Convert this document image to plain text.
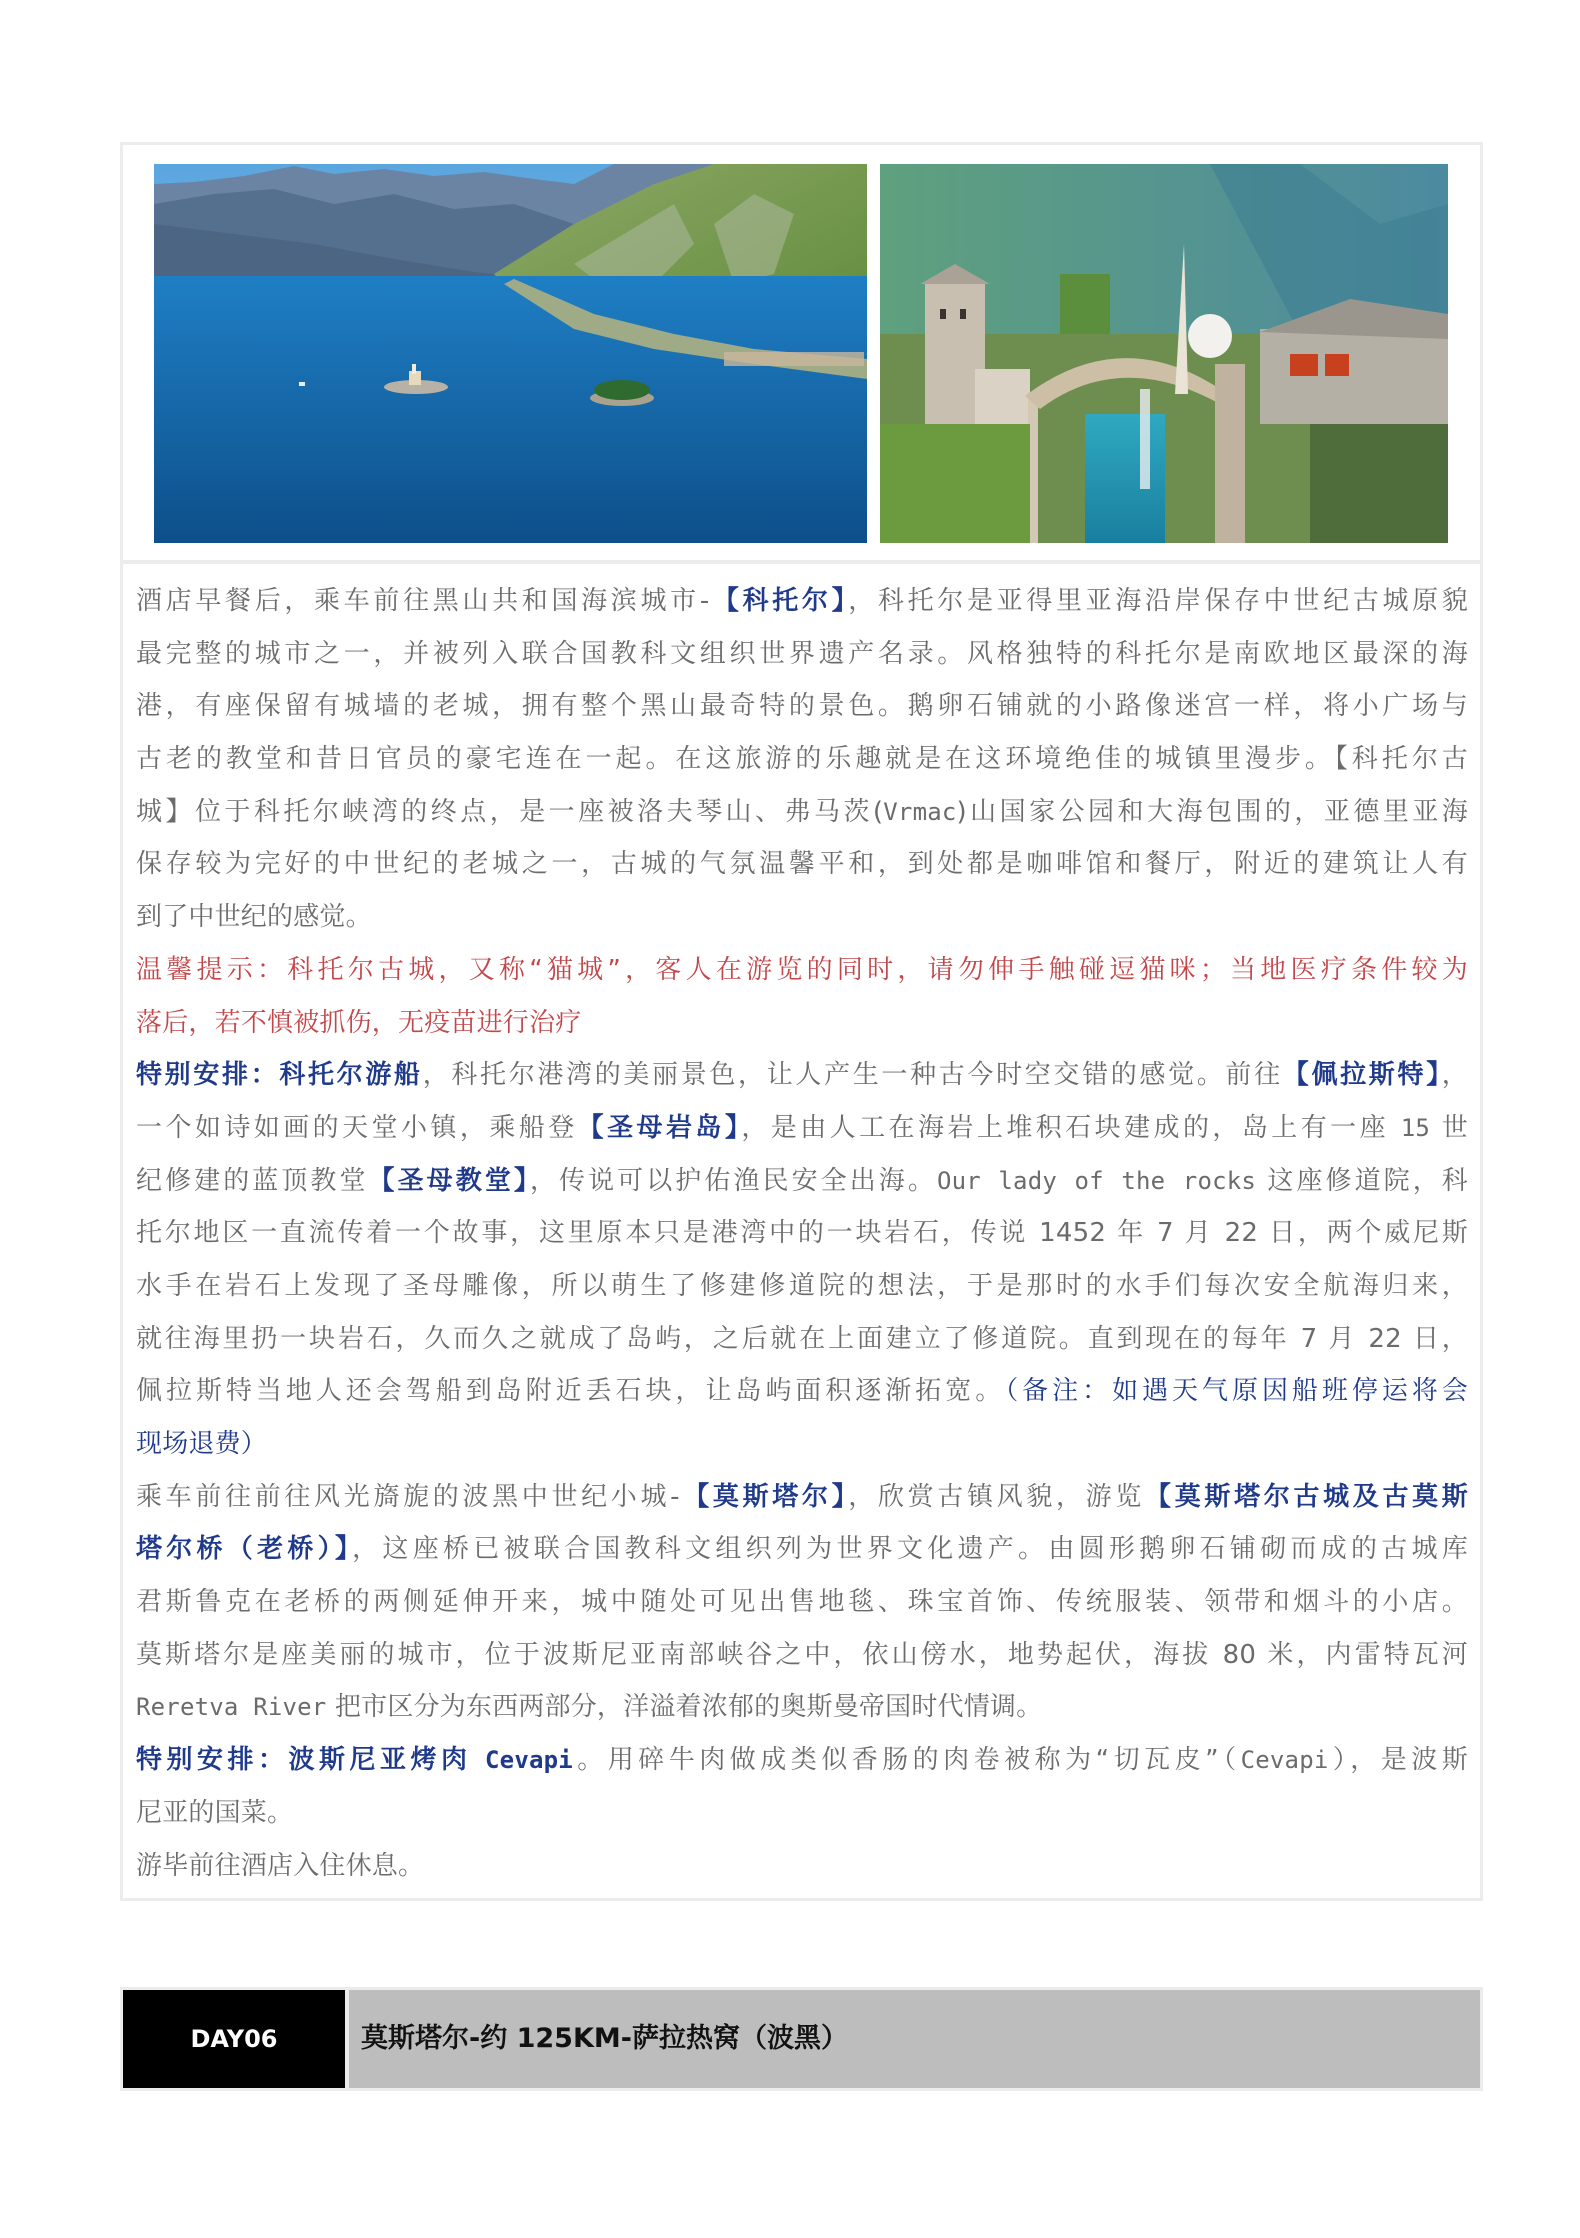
酒店早餐后，乘车前往黑山共和国海滨城市-【科托尔】，科托尔是亚得里亚海沿岸保存中世纪古城原貌
最完整的城市之一，并被列入联合国教科文组织世界遗产名录。风格独特的科托尔是南欧地区最深的海
港，有座保留有城墙的老城，拥有整个黑山最奇特的景色。鹅卵石铺就的小路像迷宫一样，将小广场与
古老的教堂和昔日官员的豪宅连在一起。在这旅游的乐趣就是在这环境绝佳的城镇里漫步。【科托尔古
城】位于科托尔峡湾的终点，是一座被洛夫琴山、弗马茨(Vrmac)山国家公园和大海包围的，亚德里亚海
保存较为完好的中世纪的老城之一，古城的气氛温馨平和，到处都是咖啡馆和餐厅，附近的建筑让人有
到了中世纪的感觉。
温馨提示：科托尔古城，又称“猫城”，客人在游览的同时，请勿伸手触碰逗猫咪；当地医疗条件较为
落后，若不慎被抓伤，无疫苗进行治疗
特别安排：科托尔游船，科托尔港湾的美丽景色，让人产生一种古今时空交错的感觉。前往【佩拉斯特】，
一个如诗如画的天堂小镇，乘船登【圣母岩岛】，是由人工在海岩上堆积石块建成的，岛上有一座 15 世
纪修建的蓝顶教堂【圣母教堂】，传说可以护佑渔民安全出海。Our lady of the rocks 这座修道院，科
托尔地区一直流传着一个故事，这里原本只是港湾中的一块岩石，传说 1452 年 7 月 22 日，两个威尼斯
水手在岩石上发现了圣母雕像，所以萌生了修建修道院的想法，于是那时的水手们每次安全航海归来，
就往海里扔一块岩石，久而久之就成了岛屿，之后就在上面建立了修道院。直到现在的每年 7 月 22 日，
佩拉斯特当地人还会驾船到岛附近丢石块，让岛屿面积逐渐拓宽。（备注：如遇天气原因船班停运将会
现场退费）
乘车前往前往风光旖旎的波黑中世纪小城-【莫斯塔尔】，欣赏古镇风貌，游览【莫斯塔尔古城及古莫斯
塔尔桥（老桥）】，这座桥已被联合国教科文组织列为世界文化遗产。由圆形鹅卵石铺砌而成的古城库
君斯鲁克在老桥的两侧延伸开来，城中随处可见出售地毯、珠宝首饰、传统服装、领带和烟斗的小店。
莫斯塔尔是座美丽的城市，位于波斯尼亚南部峡谷之中，依山傍水，地势起伏，海拔 80 米，内雷特瓦河
Reretva River 把市区分为东西两部分，洋溢着浓郁的奥斯曼帝国时代情调。
特别安排：波斯尼亚烤肉 Cevapi。用碎牛肉做成类似香肠的肉卷被称为“切瓦皮”（Cevapi），是波斯
尼亚的国菜。
游毕前往酒店入住休息。
DAY06	莫斯塔尔-约 125KM-萨拉热窝（波黑）
